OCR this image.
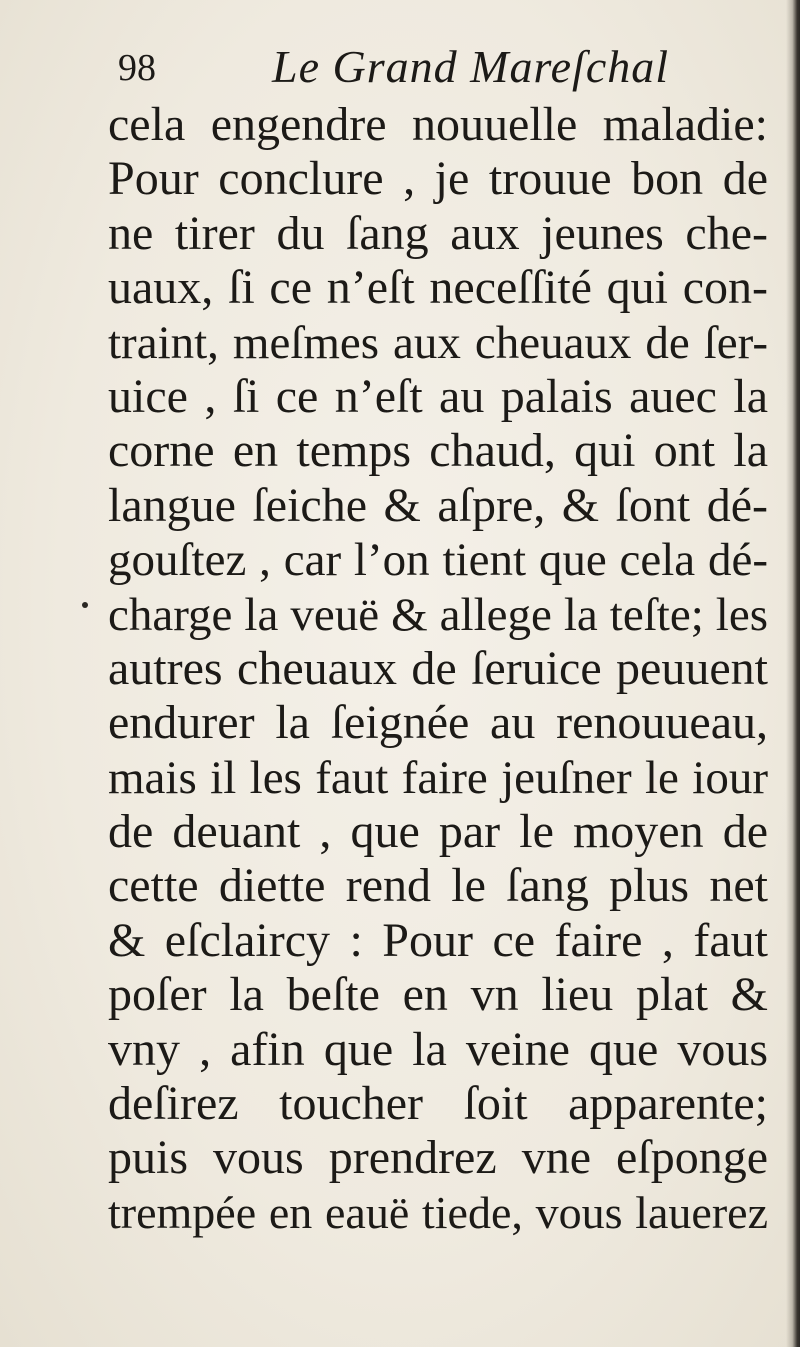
98	Le Grand Mareſchal
cela engendre nouuelle maladie:
Pour conclure , je trouue bon de
ne tirer du ſang aux jeunes che-
uaux, ſi ce n’eſt neceſſité qui con-
traint, meſmes aux cheuaux de ſer-
uice , ſi ce n’eſt au palais auec la
corne en temps chaud, qui ont la
langue ſeiche & aſpre, & ſont dé-
gouſtez , car l’on tient que cela dé-
charge la veuë & allege la teſte; les
autres cheuaux de ſeruice peuuent
endurer la ſeignée au renouueau,
mais il les faut faire jeuſner le iour
de deuant , que par le moyen de
cette diette rend le ſang plus net
& eſclaircy : Pour ce faire , faut
poſer la beſte en vn lieu plat &
vny , afin que la veine que vous
deſirez toucher ſoit apparente;
puis vous prendrez vne eſponge
trempée en eauë tiede, vous lauerez
